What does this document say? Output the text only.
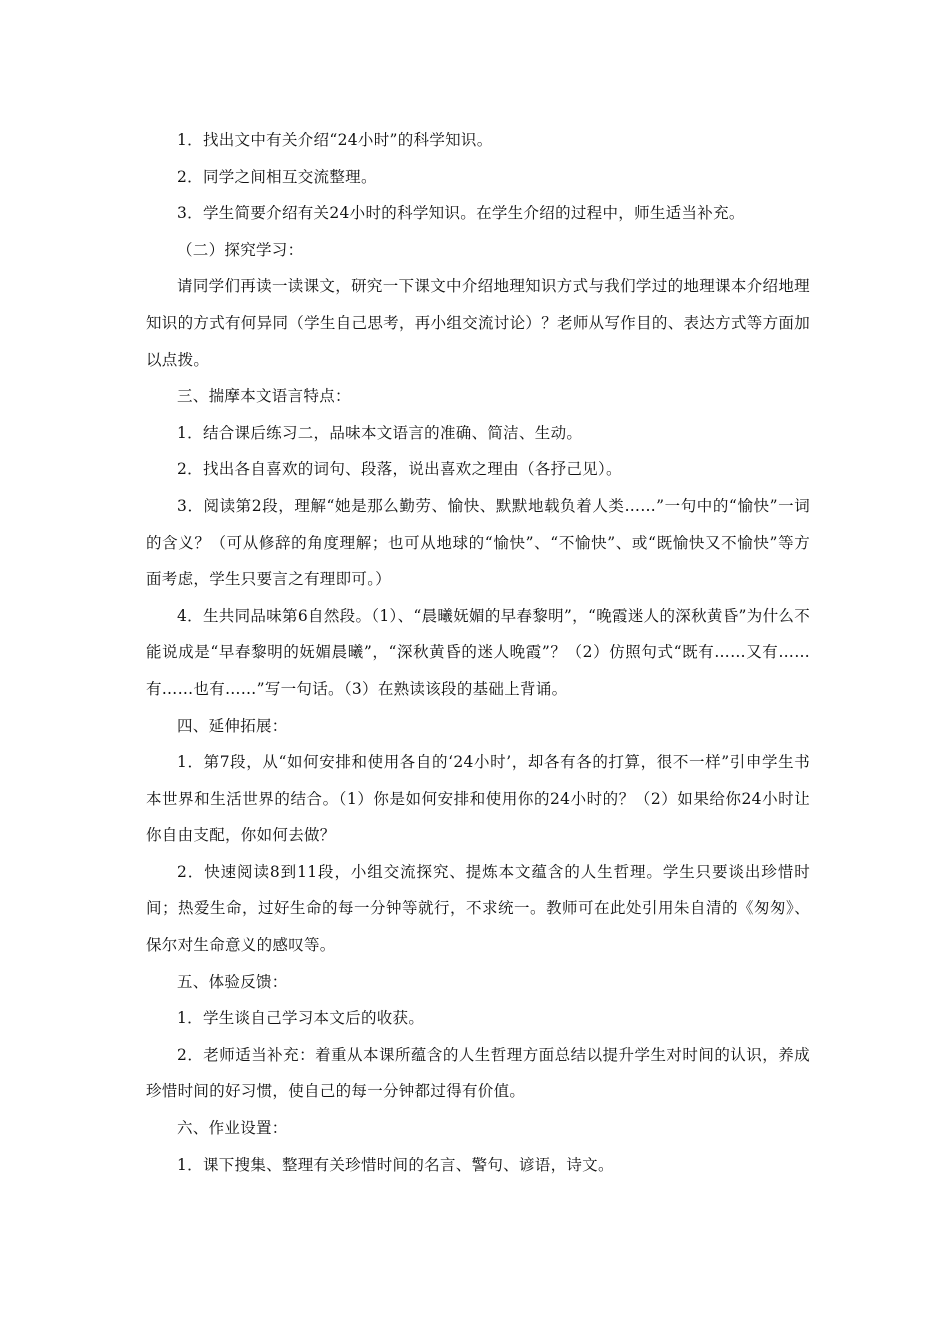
1．找出文中有关介绍“24小时”的科学知识。

2．同学之间相互交流整理。

3．学生简要介绍有关24小时的科学知识。在学生介绍的过程中，师生适当补充。

（二）探究学习：

请同学们再读一读课文，研究一下课文中介绍地理知识方式与我们学过的地理课本介绍地理知识的方式有何异同（学生自己思考，再小组交流讨论）？老师从写作目的、表达方式等方面加以点拨。

三、揣摩本文语言特点：

1．结合课后练习二，品味本文语言的准确、简洁、生动。

2．找出各自喜欢的词句、段落，说出喜欢之理由（各抒己见）。

3．阅读第2段，理解“她是那么勤劳、愉快、默默地载负着人类……”一句中的“愉快”一词的含义？（可从修辞的角度理解；也可从地球的“愉快”、“不愉快”、或“既愉快又不愉快”等方面考虑，学生只要言之有理即可。）

4．生共同品味第6自然段。（1）、“晨曦妩媚的早春黎明”，“晚霞迷人的深秋黄昏”为什么不能说成是“早春黎明的妩媚晨曦”，“深秋黄昏的迷人晚霞”？（2）仿照句式“既有……又有……有……也有……”写一句话。（3）在熟读该段的基础上背诵。

四、延伸拓展：

1．第7段，从“如何安排和使用各自的‘24小时’，却各有各的打算，很不一样”引申学生书本世界和生活世界的结合。（1）你是如何安排和使用你的24小时的？（2）如果给你24小时让你自由支配，你如何去做？

2．快速阅读8到11段，小组交流探究、提炼本文蕴含的人生哲理。学生只要谈出珍惜时间；热爱生命，过好生命的每一分钟等就行，不求统一。教师可在此处引用朱自清的《匆匆》、保尔对生命意义的感叹等。

五、体验反馈：

1．学生谈自己学习本文后的收获。

2．老师适当补充：着重从本课所蕴含的人生哲理方面总结以提升学生对时间的认识，养成珍惜时间的好习惯，使自己的每一分钟都过得有价值。

六、作业设置：

1．课下搜集、整理有关珍惜时间的名言、警句、谚语，诗文。
